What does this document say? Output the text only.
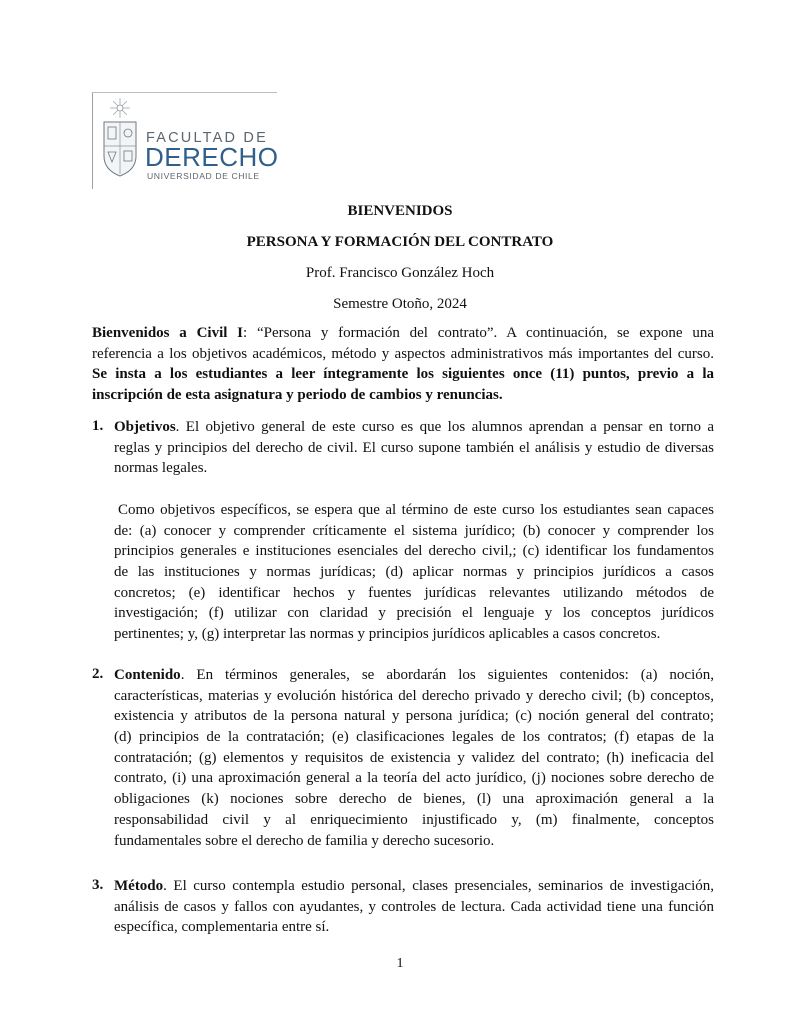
FACULTAD DE
DERECHO
UNIVERSIDAD DE CHILE
BIENVENIDOS
PERSONA Y FORMACIÓN DEL CONTRATO
Prof. Francisco González Hoch
Semestre Otoño, 2024
Bienvenidos a Civil I: “Persona y formación del contrato”. A continuación, se expone una
referencia a los objetivos académicos, método y aspectos administrativos más importantes del curso.
Se insta a los estudiantes a leer íntegramente los siguientes once (11) puntos, previo a la
inscripción de esta asignatura y periodo de cambios y renuncias.
1. Objetivos. El objetivo general de este curso es que los alumnos aprendan a pensar en torno a
reglas y principios del derecho de civil. El curso supone también el análisis y estudio de diversas
normas legales.
Como objetivos específicos, se espera que al término de este curso los estudiantes sean capaces
de: (a) conocer y comprender críticamente el sistema jurídico; (b) conocer y comprender los
principios generales e instituciones esenciales del derecho civil,; (c) identificar los fundamentos
de las instituciones y normas jurídicas; (d) aplicar normas y principios jurídicos a casos
concretos; (e) identificar hechos y fuentes jurídicas relevantes utilizando métodos de
investigación; (f) utilizar con claridad y precisión el lenguaje y los conceptos jurídicos
pertinentes; y, (g) interpretar las normas y principios jurídicos aplicables a casos concretos.
2. Contenido. En términos generales, se abordarán los siguientes contenidos: (a) noción,
características, materias y evolución histórica del derecho privado y derecho civil; (b) conceptos,
existencia y atributos de la persona natural y persona jurídica; (c) noción general del contrato;
(d) principios de la contratación; (e) clasificaciones legales de los contratos; (f) etapas de la
contratación; (g) elementos y requisitos de existencia y validez del contrato; (h) ineficacia del
contrato, (i) una aproximación general a la teoría del acto jurídico, (j) nociones sobre derecho de
obligaciones (k) nociones sobre derecho de bienes, (l) una aproximación general a la
responsabilidad civil y al enriquecimiento injustificado y, (m) finalmente, conceptos
fundamentales sobre el derecho de familia y derecho sucesorio.
3. Método. El curso contempla estudio personal, clases presenciales, seminarios de investigación,
análisis de casos y fallos con ayudantes, y controles de lectura. Cada actividad tiene una función
específica, complementaria entre sí.
1
